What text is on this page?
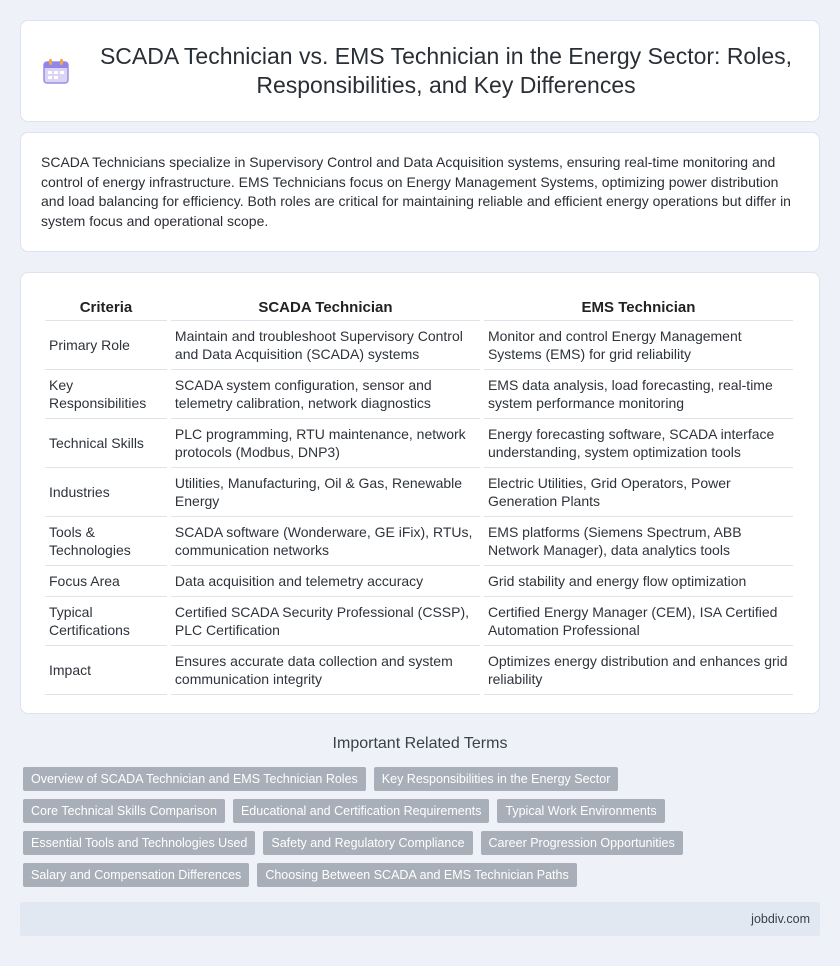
SCADA Technician vs. EMS Technician in the Energy Sector: Roles, Responsibilities, and Key Differences

SCADA Technicians specialize in Supervisory Control and Data Acquisition systems, ensuring real-time monitoring and control of energy infrastructure. EMS Technicians focus on Energy Management Systems, optimizing power distribution and load balancing for efficiency. Both roles are critical for maintaining reliable and efficient energy operations but differ in system focus and operational scope.

Criteria	SCADA Technician	EMS Technician
Primary Role	Maintain and troubleshoot Supervisory Control and Data Acquisition (SCADA) systems	Monitor and control Energy Management Systems (EMS) for grid reliability
Key Responsibilities	SCADA system configuration, sensor and telemetry calibration, network diagnostics	EMS data analysis, load forecasting, real-time system performance monitoring
Technical Skills	PLC programming, RTU maintenance, network protocols (Modbus, DNP3)	Energy forecasting software, SCADA interface understanding, system optimization tools
Industries	Utilities, Manufacturing, Oil & Gas, Renewable Energy	Electric Utilities, Grid Operators, Power Generation Plants
Tools & Technologies	SCADA software (Wonderware, GE iFix), RTUs, communication networks	EMS platforms (Siemens Spectrum, ABB Network Manager), data analytics tools
Focus Area	Data acquisition and telemetry accuracy	Grid stability and energy flow optimization
Typical Certifications	Certified SCADA Security Professional (CSSP), PLC Certification	Certified Energy Manager (CEM), ISA Certified Automation Professional
Impact	Ensures accurate data collection and system communication integrity	Optimizes energy distribution and enhances grid reliability
Important Related Terms
Overview of SCADA Technician and EMS Technician Roles	Key Responsibilities in the Energy Sector
Core Technical Skills Comparison	Educational and Certification Requirements	Typical Work Environments
Essential Tools and Technologies Used	Safety and Regulatory Compliance	Career Progression Opportunities
Salary and Compensation Differences	Choosing Between SCADA and EMS Technician Paths
jobdiv.com
